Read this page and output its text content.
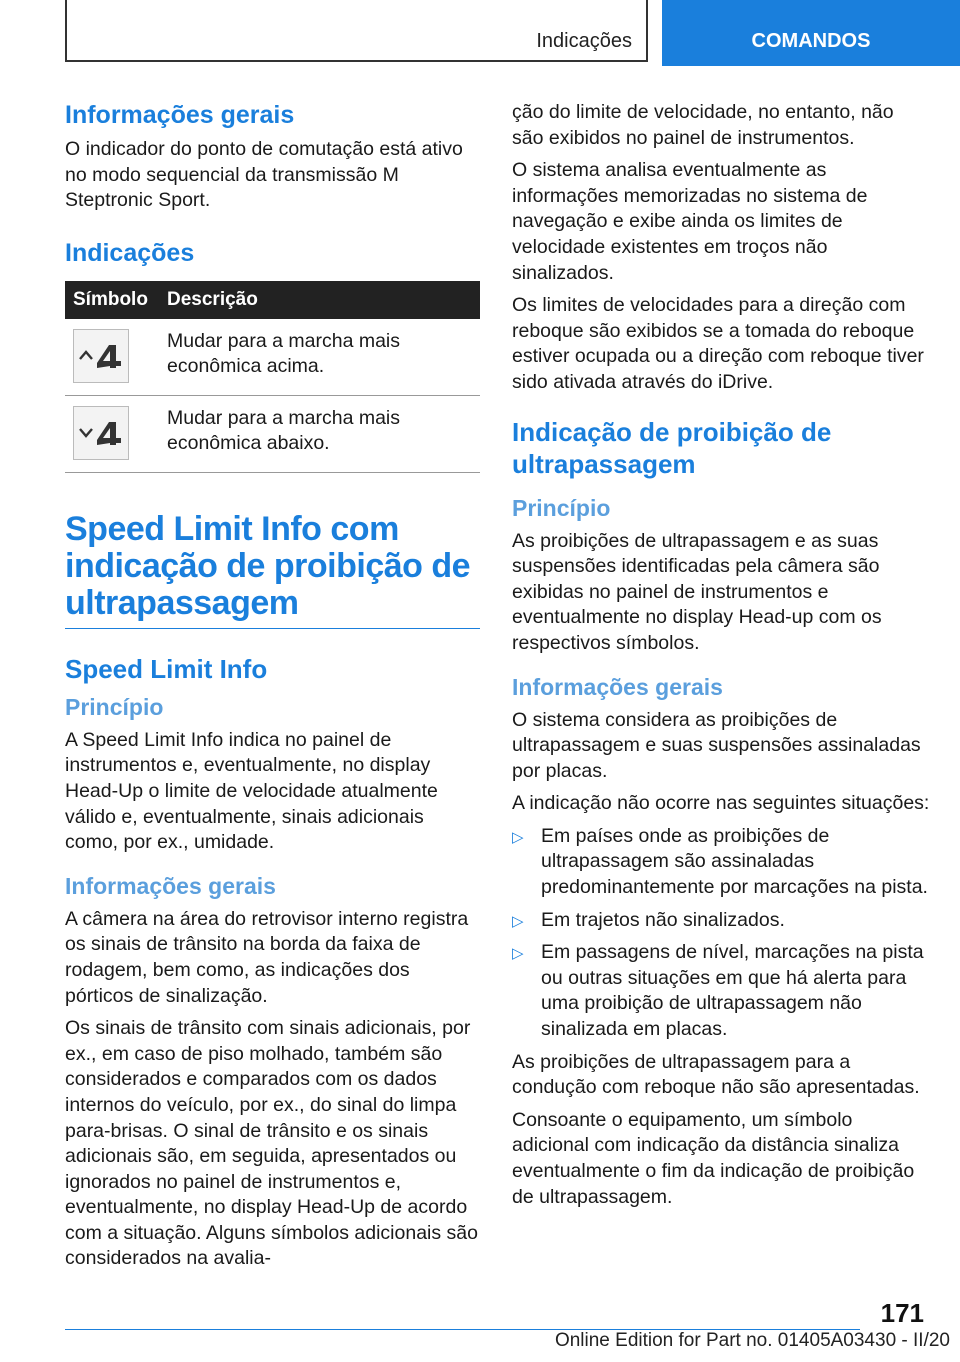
Indicações	COMANDOS
Informações gerais

O indicador do ponto de comutação está ativo no modo sequencial da transmissão M Steptronic Sport.

Indicações
Símbolo	Descrição

	Mudar para a marcha mais econômica acima.

	Mudar para a marcha mais econômica abaixo.
Speed Limit Info com indicação de proibição de ultrapassagem
Speed Limit Info
Princípio

A Speed Limit Info indica no painel de instrumentos e, eventualmente, no display Head-Up o limite de velocidade atualmente válido e, eventualmente, sinais adicionais como, por ex., umidade.

Informações gerais

A câmera na área do retrovisor interno registra os sinais de trânsito na borda da faixa de rodagem, bem como, as indicações dos pórticos de sinalização.

Os sinais de trânsito com sinais adicionais, por ex., em caso de piso molhado, também são considerados e comparados com os dados internos do veículo, por ex., do sinal do limpa para-brisas. O sinal de trânsito e os sinais adicionais são, em seguida, apresentados ou ignorados no painel de instrumentos e, eventualmente, no display Head-Up de acordo com a situação. Alguns símbolos adicionais são considerados na avalia-

ção do limite de velocidade, no entanto, não são exibidos no painel de instrumentos.

O sistema analisa eventualmente as informações memorizadas no sistema de navegação e exibe ainda os limites de velocidade existentes em troços não sinalizados.

Os limites de velocidades para a direção com reboque são exibidos se a tomada do reboque estiver ocupada ou a direção com reboque tiver sido ativada através do iDrive.

Indicação de proibição de ultrapassagem
Princípio

As proibições de ultrapassagem e as suas suspensões identificadas pela câmera são exibidas no painel de instrumentos e eventualmente no display Head-up com os respectivos símbolos.

Informações gerais

O sistema considera as proibições de ultrapassagem e suas suspensões assinaladas por placas.

A indicação não ocorre nas seguintes situações:

▷ Em países onde as proibições de ultrapassagem são assinaladas predominantemente por marcações na pista.
▷ Em trajetos não sinalizados.
▷ Em passagens de nível, marcações na pista ou outras situações em que há alerta para uma proibição de ultrapassagem não sinalizada em placas.

As proibições de ultrapassagem para a condução com reboque não são apresentadas.

Consoante o equipamento, um símbolo adicional com indicação da distância sinaliza eventualmente o fim da indicação de proibição de ultrapassagem.

171
Online Edition for Part no. 01405A03430 - II/20
